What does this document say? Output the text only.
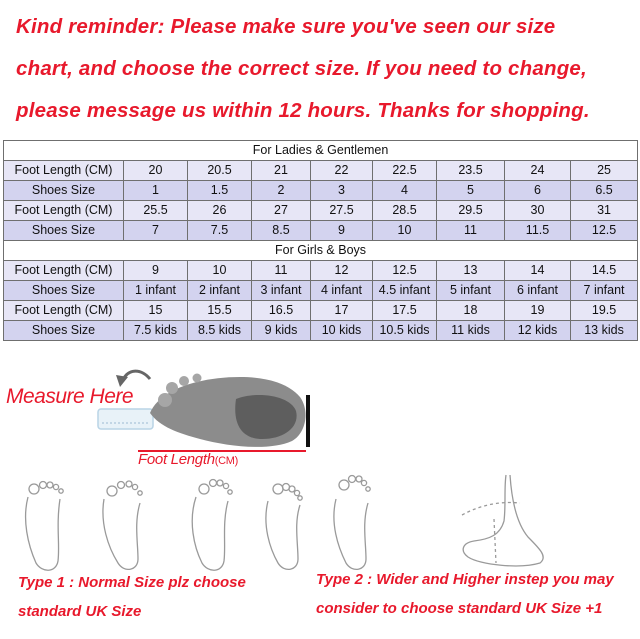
Kind reminder: Please make sure you've seen our size
chart, and choose the correct size. If you need to change,
please message us within 12 hours. Thanks for shopping.
For Ladies & Gentlemen								
Foot Length (CM)	20	20.5	21	22	22.5	23.5	24	25
Shoes Size	1	1.5	2	3	4	5	6	6.5
Foot Length (CM)	25.5	26	27	27.5	28.5	29.5	30	31
Shoes Size	7	7.5	8.5	9	10	11	11.5	12.5
For Girls & Boys								
Foot Length (CM)	9	10	11	12	12.5	13	14	14.5
Shoes Size	1 infant	2 infant	3 infant	4 infant	4.5 infant	5 infant	6 infant	7 infant
Foot Length (CM)	15	15.5	16.5	17	17.5	18	19	19.5
Shoes Size	7.5 kids	8.5 kids	9 kids	10 kids	10.5 kids	11 kids	12 kids	13 kids
Measure Here
Foot Length(CM)
Type 1 : Normal Size plz choose
standard UK Size
Type 2 : Wider and Higher instep you may
consider to choose standard UK Size +1
